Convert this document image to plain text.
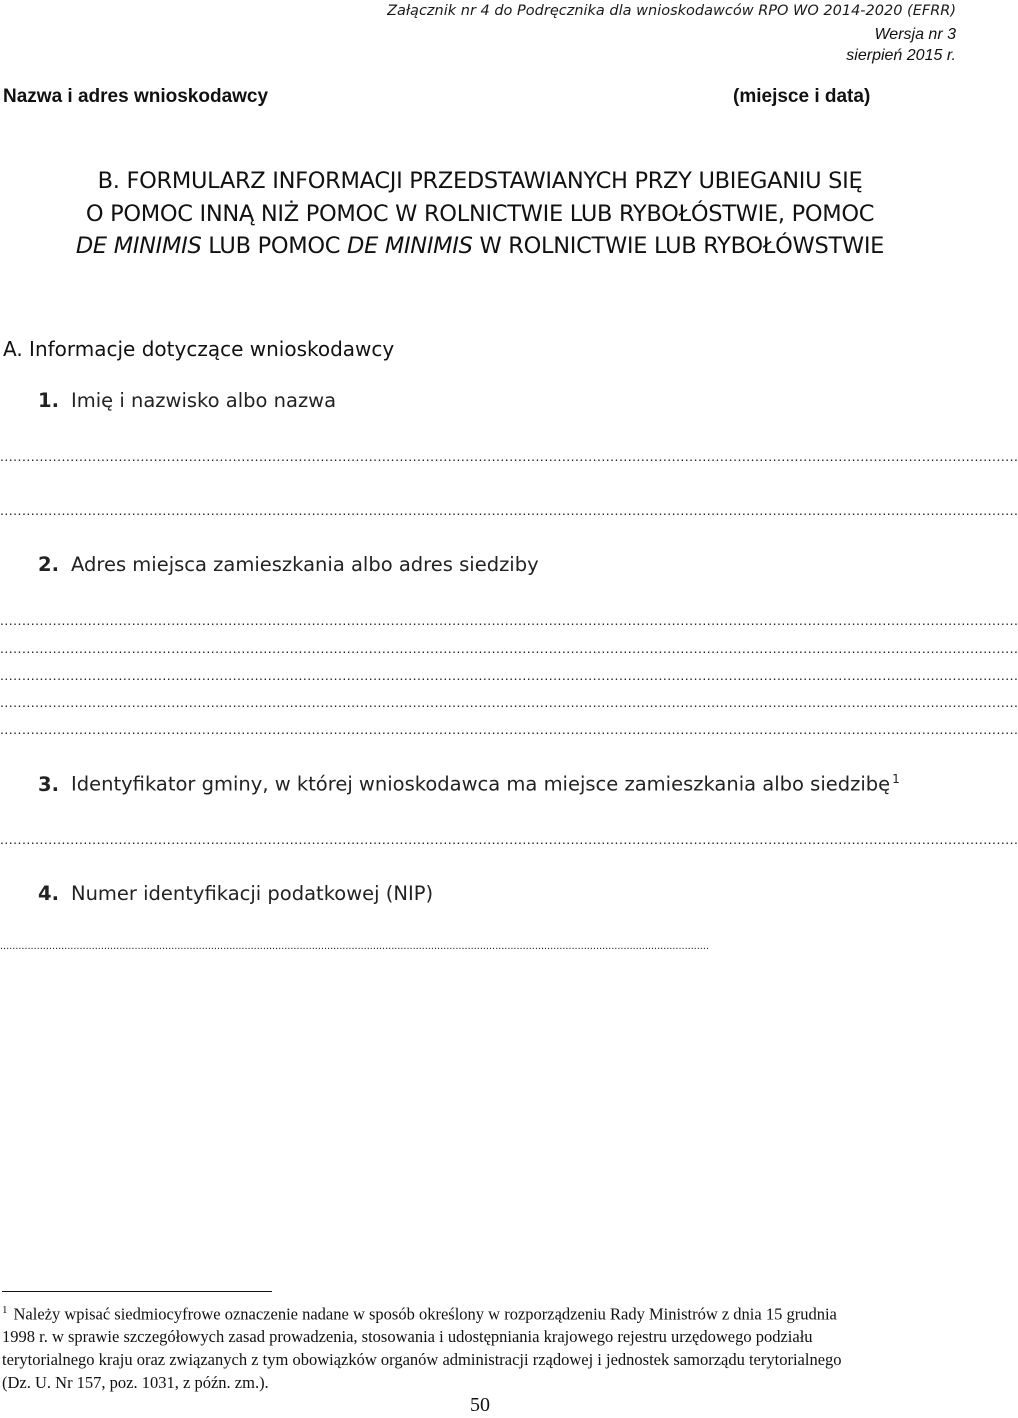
Załącznik nr 4 do Podręcznika dla wnioskodawców RPO WO 2014-2020 (EFRR)
Wersja nr 3
sierpień 2015 r.
Nazwa i adres wnioskodawcy	(miejsce i data)
B. FORMULARZ INFORMACJI PRZEDSTAWIANYCH PRZY UBIEGANIU SIĘ
O POMOC INNĄ NIŻ POMOC W ROLNICTWIE LUB RYBOŁÓSTWIE, POMOC
DE MINIMIS LUB POMOC DE MINIMIS W ROLNICTWIE LUB RYBOŁÓWSTWIE
A. Informacje dotyczące wnioskodawcy
1. Imię i nazwisko albo nazwa
........................................................................................................................................................................................................................................
........................................................................................................................................................................................................................................
2. Adres miejsca zamieszkania albo adres siedziby
........................................................................................................................................................................................................................................
........................................................................................................................................................................................................................................
........................................................................................................................................................................................................................................
........................................................................................................................................................................................................................................
........................................................................................................................................................................................................................................
3. Identyfikator gminy, w której wnioskodawca ma miejsce zamieszkania albo siedzibę $^1$
........................................................................................................................................................................................................................................
4. Numer identyfikacji podatkowej (NIP)
........................................................................................................................................................................................................................................
$^1$ Należy wpisać siedmiocyfrowe oznaczenie nadane w sposób określony w rozporządzeniu Rady Ministrów z dnia 15 grudnia
1998 r. w sprawie szczegółowych zasad prowadzenia, stosowania i udostępniania krajowego rejestru urzędowego podziału
terytorialnego kraju oraz związanych z tym obowiązków organów administracji rządowej i jednostek samorządu terytorialnego
(Dz. U. Nr 157, poz. 1031, z późn. zm.).
50
